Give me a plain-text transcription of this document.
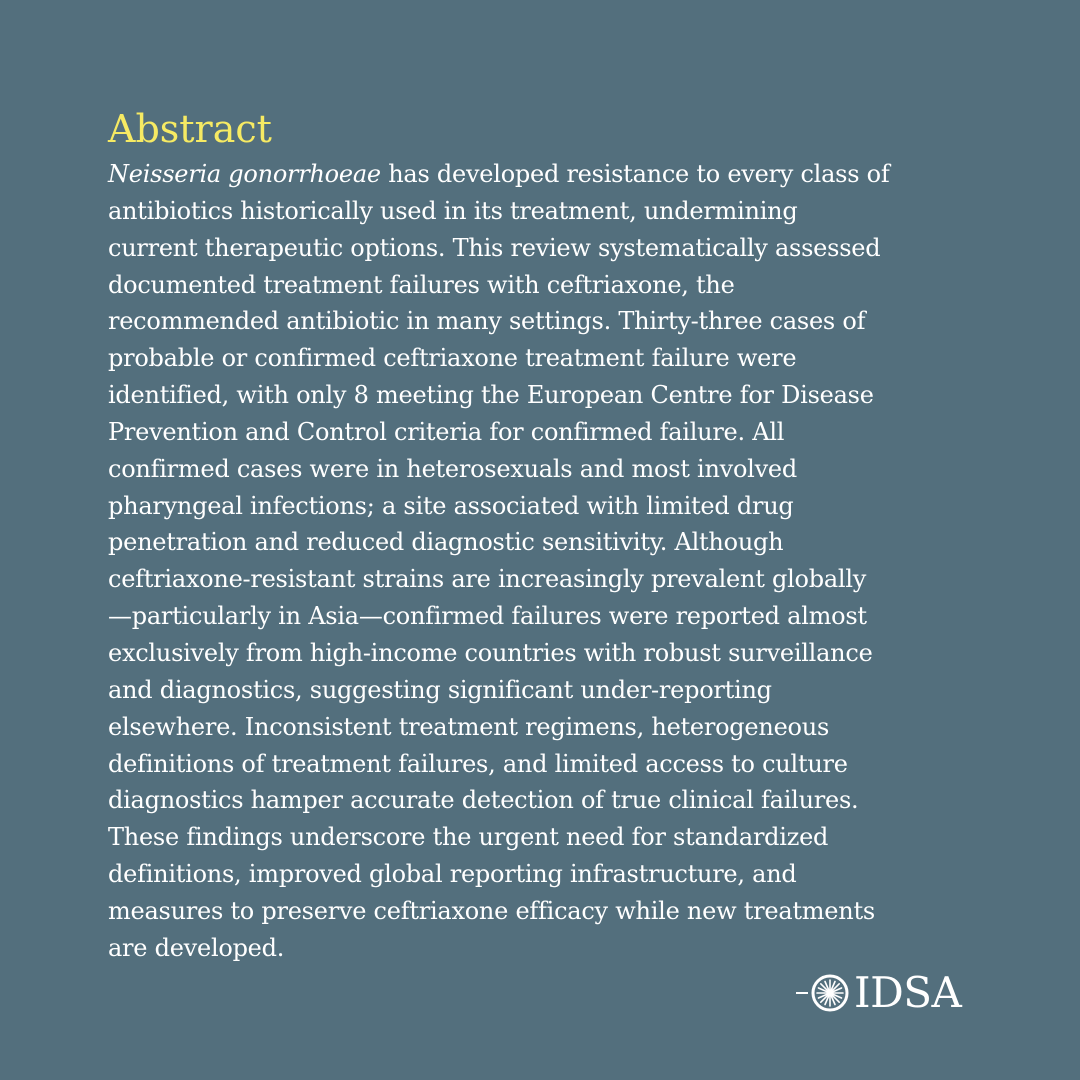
Abstract
Neisseria gonorrhoeae has developed resistance to every class of
antibiotics historically used in its treatment, undermining
current therapeutic options. This review systematically assessed
documented treatment failures with ceftriaxone, the
recommended antibiotic in many settings. Thirty-three cases of
probable or confirmed ceftriaxone treatment failure were
identified, with only 8 meeting the European Centre for Disease
Prevention and Control criteria for confirmed failure. All
confirmed cases were in heterosexuals and most involved
pharyngeal infections; a site associated with limited drug
penetration and reduced diagnostic sensitivity. Although
ceftriaxone-resistant strains are increasingly prevalent globally
—particularly in Asia—confirmed failures were reported almost
exclusively from high-income countries with robust surveillance
and diagnostics, suggesting significant under-reporting
elsewhere. Inconsistent treatment regimens, heterogeneous
definitions of treatment failures, and limited access to culture
diagnostics hamper accurate detection of true clinical failures.
These findings underscore the urgent need for standardized
definitions, improved global reporting infrastructure, and
measures to preserve ceftriaxone efficacy while new treatments
are developed.
IDSA
